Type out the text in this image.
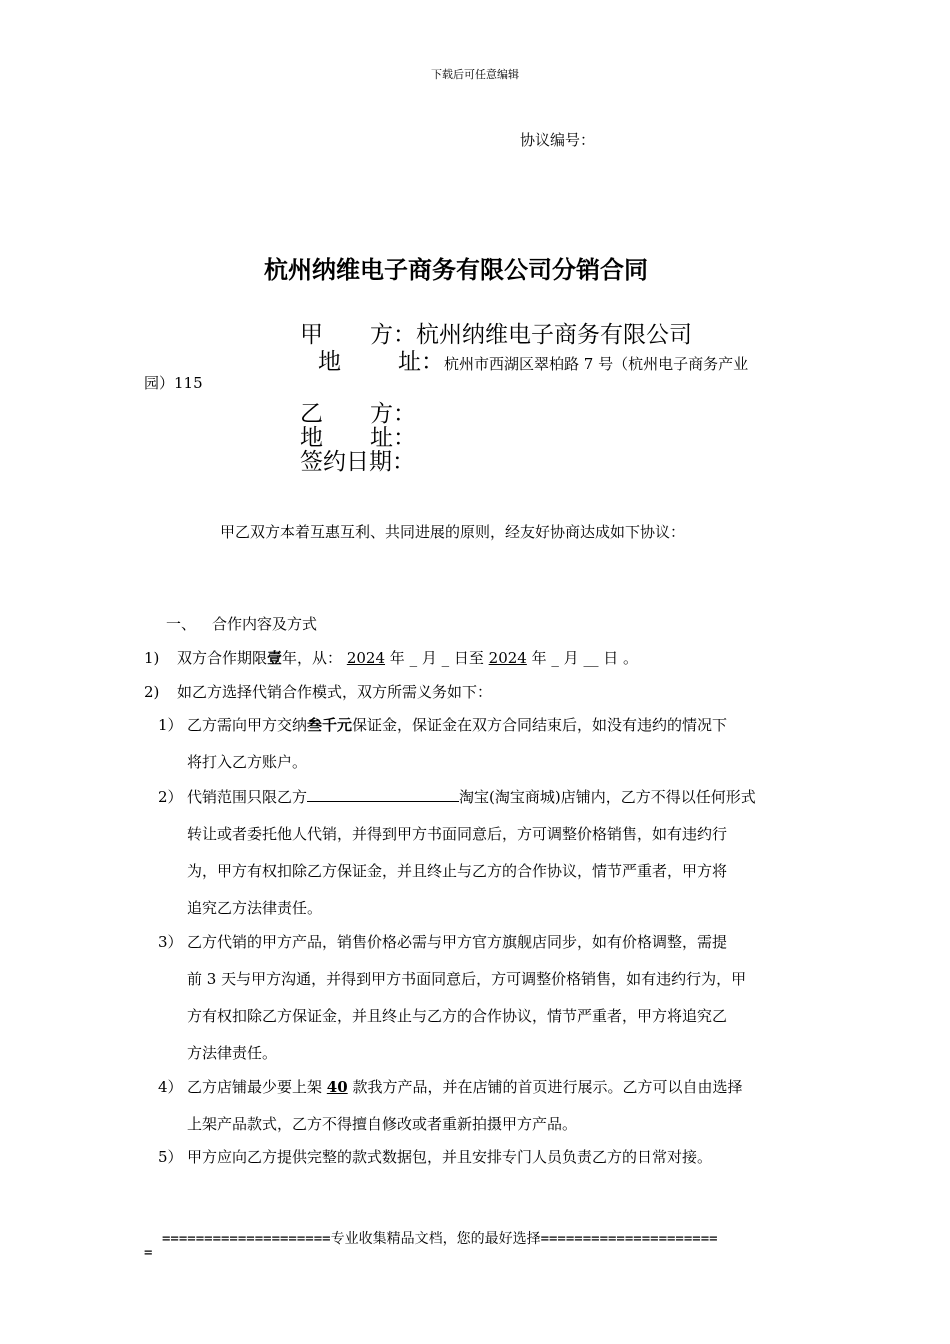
下载后可任意编辑
协议编号：
杭州纳维电子商务有限公司分销合同
甲 方：杭州纳维电子商务有限公司
地 址：杭州市西湖区翠柏路 7 号（杭州电子商务产业
园）115
乙 方：
地 址：
签约日期：
甲乙双方本着互惠互利、共同进展的原则，经友好协商达成如下协议：
一、 合作内容及方式
1) 双方合作期限壹年，从： 2024 年 _ 月 _ 日至 2024 年 _ 月 __ 日 。
2) 如乙方选择代销合作模式，双方所需义务如下：
1） 乙方需向甲方交纳叁千元保证金，保证金在双方合同结束后，如没有违约的情况下
将打入乙方账户。
2） 代销范围只限乙方	淘宝(淘宝商城)店铺内，乙方不得以任何形式
转让或者委托他人代销，并得到甲方书面同意后，方可调整价格销售，如有违约行
为，甲方有权扣除乙方保证金，并且终止与乙方的合作协议，情节严重者，甲方将
追究乙方法律责任。
3） 乙方代销的甲方产品，销售价格必需与甲方官方旗舰店同步，如有价格调整，需提
前 3 天与甲方沟通，并得到甲方书面同意后，方可调整价格销售，如有违约行为，甲
方有权扣除乙方保证金，并且终止与乙方的合作协议，情节严重者，甲方将追究乙
方法律责任。
4） 乙方店铺最少要上架 40 款我方产品，并在店铺的首页进行展示。乙方可以自由选择
上架产品款式，乙方不得擅自修改或者重新拍摄甲方产品。
5） 甲方应向乙方提供完整的款式数据包，并且安排专门人员负责乙方的日常对接。
====================专业收集精品文档，您的最好选择=====================
=
